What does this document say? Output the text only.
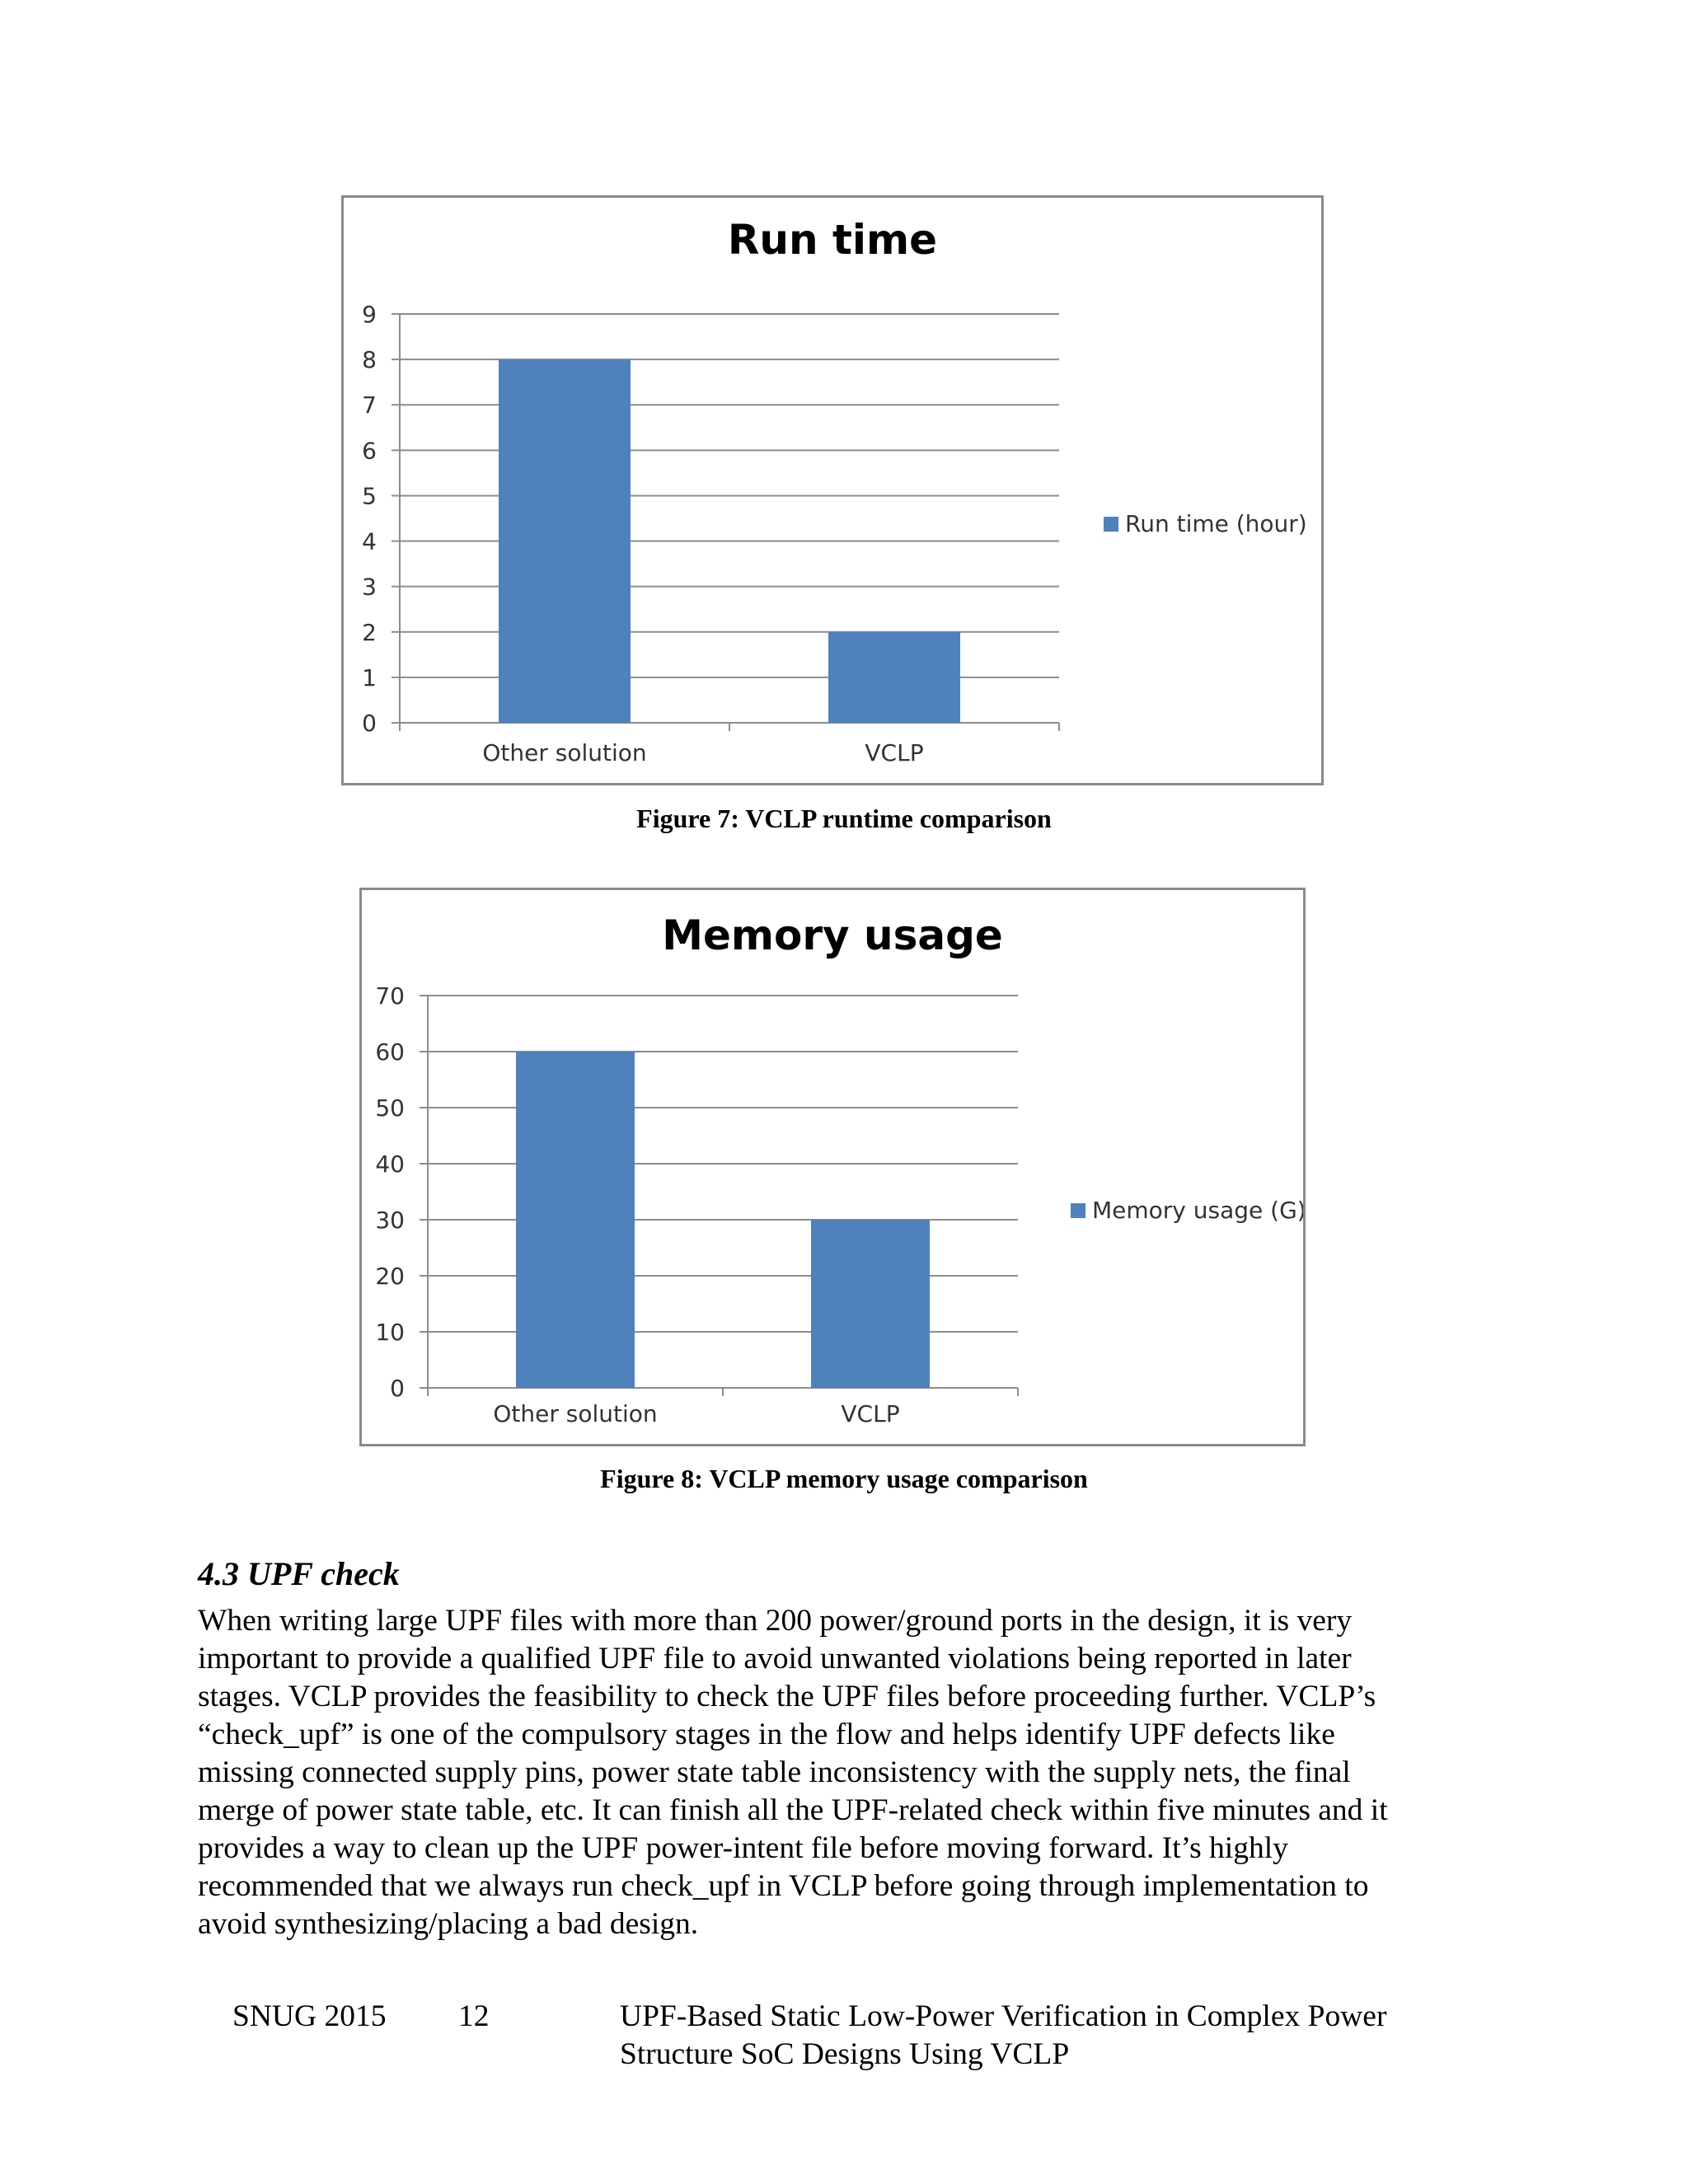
Run time
0
1
2
3
4
5
6
7
8
9
Other solution	VCLP
Run time (hour)
Figure 7: VCLP runtime comparison
Memory usage
0
10
20
30
40
50
60
70
Other solution	VCLP
Memory usage (G)
Figure 8: VCLP memory usage comparison
4.3 UPF check
When writing large UPF files with more than 200 power/ground ports in the design, it is very
important to provide a qualified UPF file to avoid unwanted violations being reported in later
stages. VCLP provides the feasibility to check the UPF files before proceeding further. VCLP’s
“check_upf” is one of the compulsory stages in the flow and helps identify UPF defects like
missing connected supply pins, power state table inconsistency with the supply nets, the final
merge of power state table, etc. It can finish all the UPF-related check within five minutes and it
provides a way to clean up the UPF power-intent file before moving forward. It’s highly
recommended that we always run check_upf in VCLP before going through implementation to
avoid synthesizing/placing a bad design.
SNUG 2015 12	UPF-Based Static Low-Power Verification in Complex Power
Structure SoC Designs Using VCLP
